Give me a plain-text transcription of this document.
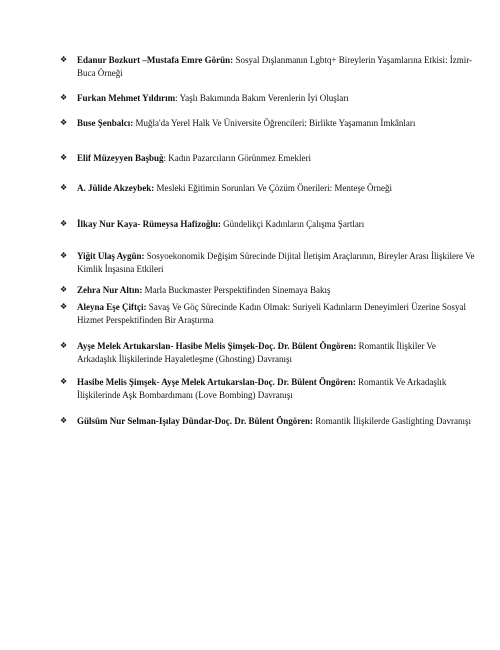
❖	Edanur Bozkurt –Mustafa Emre Görün: Sosyal Dışlanmanın Lgbtq+ Bireylerin Yaşamlarına Etkisi: İzmir-Buca Örneği
❖	Furkan Mehmet Yıldırım: Yaşlı Bakımında Bakım Verenlerin İyi Oluşları
❖	Buse Şenbalcı: Muğla'da Yerel Halk Ve Üniversite Öğrencileri: Birlikte Yaşamanın İmkânları
❖	Elif Müzeyyen Başbuğ: Kadın Pazarcıların Görünmez Emekleri
❖	A. Jülide Akzeybek: Mesleki Eğitimin Sorunları Ve Çözüm Önerileri: Menteşe Örneği
❖	İlkay Nur Kaya- Rümeysa Hafizoğlu: Gündelikçi Kadınların Çalışma Şartları
❖	Yiğit Ulaş Aygün: Sosyoekonomik Değişim Sürecinde Dijital İletişim Araçlarının, Bireyler Arası İlişkilere Ve Kimlik İnşasına Etkileri
❖	Zehra Nur Altın: Marla Buckmaster Perspektifinden Sinemaya Bakış
❖	Aleyna Eşe Çiftçi: Savaş Ve Göç Sürecinde Kadın Olmak: Suriyeli Kadınların Deneyimleri Üzerine Sosyal Hizmet Perspektifinden Bir Araştırma
❖	Ayşe Melek Artukarslan- Hasibe Melis Şimşek-Doç. Dr. Bülent Öngören: Romantik İlişkiler Ve Arkadaşlık İlişkilerinde Hayaletleşme (Ghosting) Davranışı
❖	Hasibe Melis Şimşek- Ayşe Melek Artukarslan-Doç. Dr. Bülent Öngören: Romantik Ve Arkadaşlık İlişkilerinde Aşk Bombardımanı (Love Bombing) Davranışı
❖	Gülsüm Nur Selman-Işılay Dündar-Doç. Dr. Bülent Öngören: Romantik İlişkilerde Gaslighting Davranışı
